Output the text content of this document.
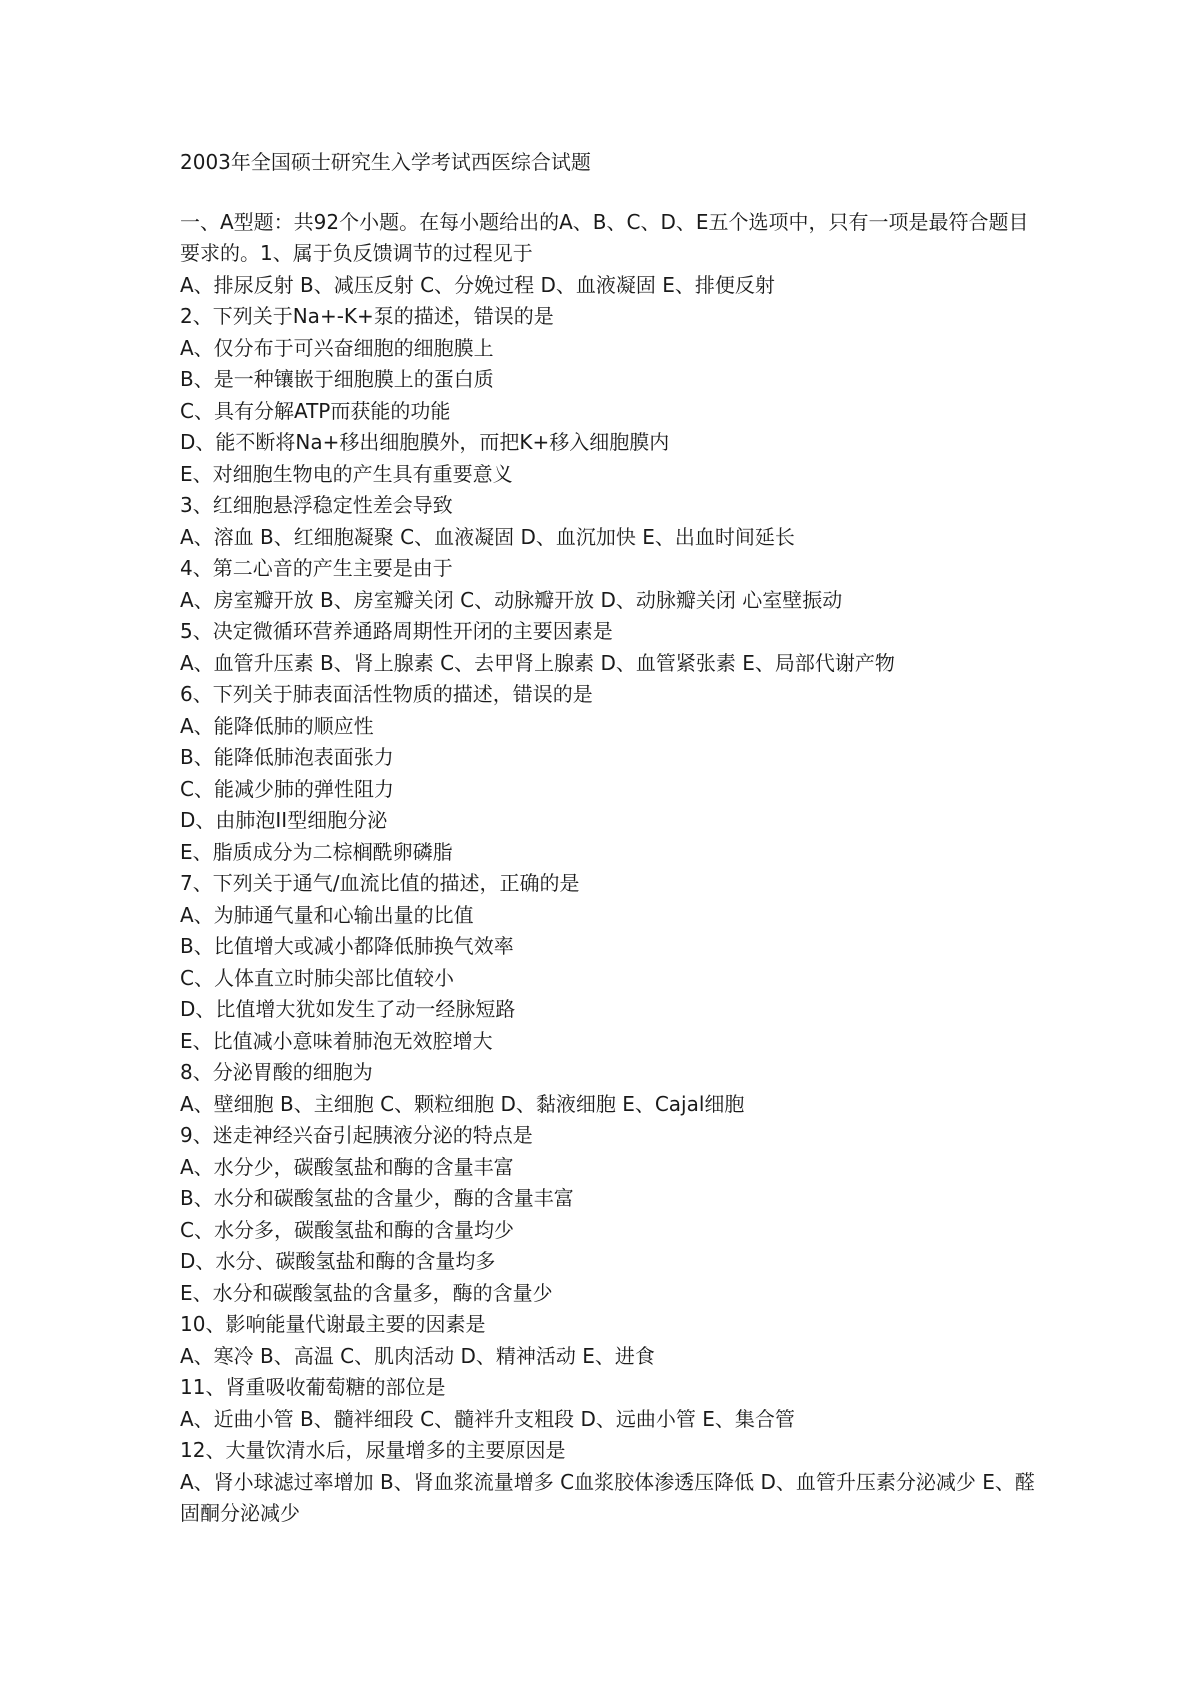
2003年全国硕士研究生入学考试西医综合试题

一、A型题：共92个小题。在每小题给出的A、B、C、D、E五个选项中，只有一项是最符合题目要求的。1、属于负反馈调节的过程见于

A、排尿反射 B、减压反射 C、分娩过程 D、血液凝固 E、排便反射

2、下列关于Na+-K+泵的描述，错误的是

A、仅分布于可兴奋细胞的细胞膜上

B、是一种镶嵌于细胞膜上的蛋白质

C、具有分解ATP而获能的功能

D、能不断将Na+移出细胞膜外，而把K+移入细胞膜内

E、对细胞生物电的产生具有重要意义

3、红细胞悬浮稳定性差会导致

A、溶血 B、红细胞凝聚 C、血液凝固 D、血沉加快 E、出血时间延长

4、第二心音的产生主要是由于

A、房室瓣开放 B、房室瓣关闭 C、动脉瓣开放 D、动脉瓣关闭 心室壁振动

5、决定微循环营养通路周期性开闭的主要因素是

A、血管升压素 B、肾上腺素 C、去甲肾上腺素 D、血管紧张素 E、局部代谢产物

6、下列关于肺表面活性物质的描述，错误的是

A、能降低肺的顺应性

B、能降低肺泡表面张力

C、能减少肺的弹性阻力

D、由肺泡II型细胞分泌

E、脂质成分为二棕榈酰卵磷脂

7、下列关于通气/血流比值的描述，正确的是

A、为肺通气量和心输出量的比值

B、比值增大或减小都降低肺换气效率

C、人体直立时肺尖部比值较小

D、比值增大犹如发生了动一经脉短路

E、比值减小意味着肺泡无效腔增大

8、分泌胃酸的细胞为

A、壁细胞 B、主细胞 C、颗粒细胞 D、黏液细胞 E、Cajal细胞

9、迷走神经兴奋引起胰液分泌的特点是

A、水分少，碳酸氢盐和酶的含量丰富

B、水分和碳酸氢盐的含量少，酶的含量丰富

C、水分多，碳酸氢盐和酶的含量均少

D、水分、碳酸氢盐和酶的含量均多

E、水分和碳酸氢盐的含量多，酶的含量少

10、影响能量代谢最主要的因素是

A、寒冷 B、高温 C、肌肉活动 D、精神活动 E、进食

11、肾重吸收葡萄糖的部位是

A、近曲小管 B、髓袢细段 C、髓袢升支粗段 D、远曲小管 E、集合管

12、大量饮清水后，尿量增多的主要原因是

A、肾小球滤过率增加 B、肾血浆流量增多 C血浆胶体渗透压降低 D、血管升压素分泌减少 E、醛固酮分泌减少
